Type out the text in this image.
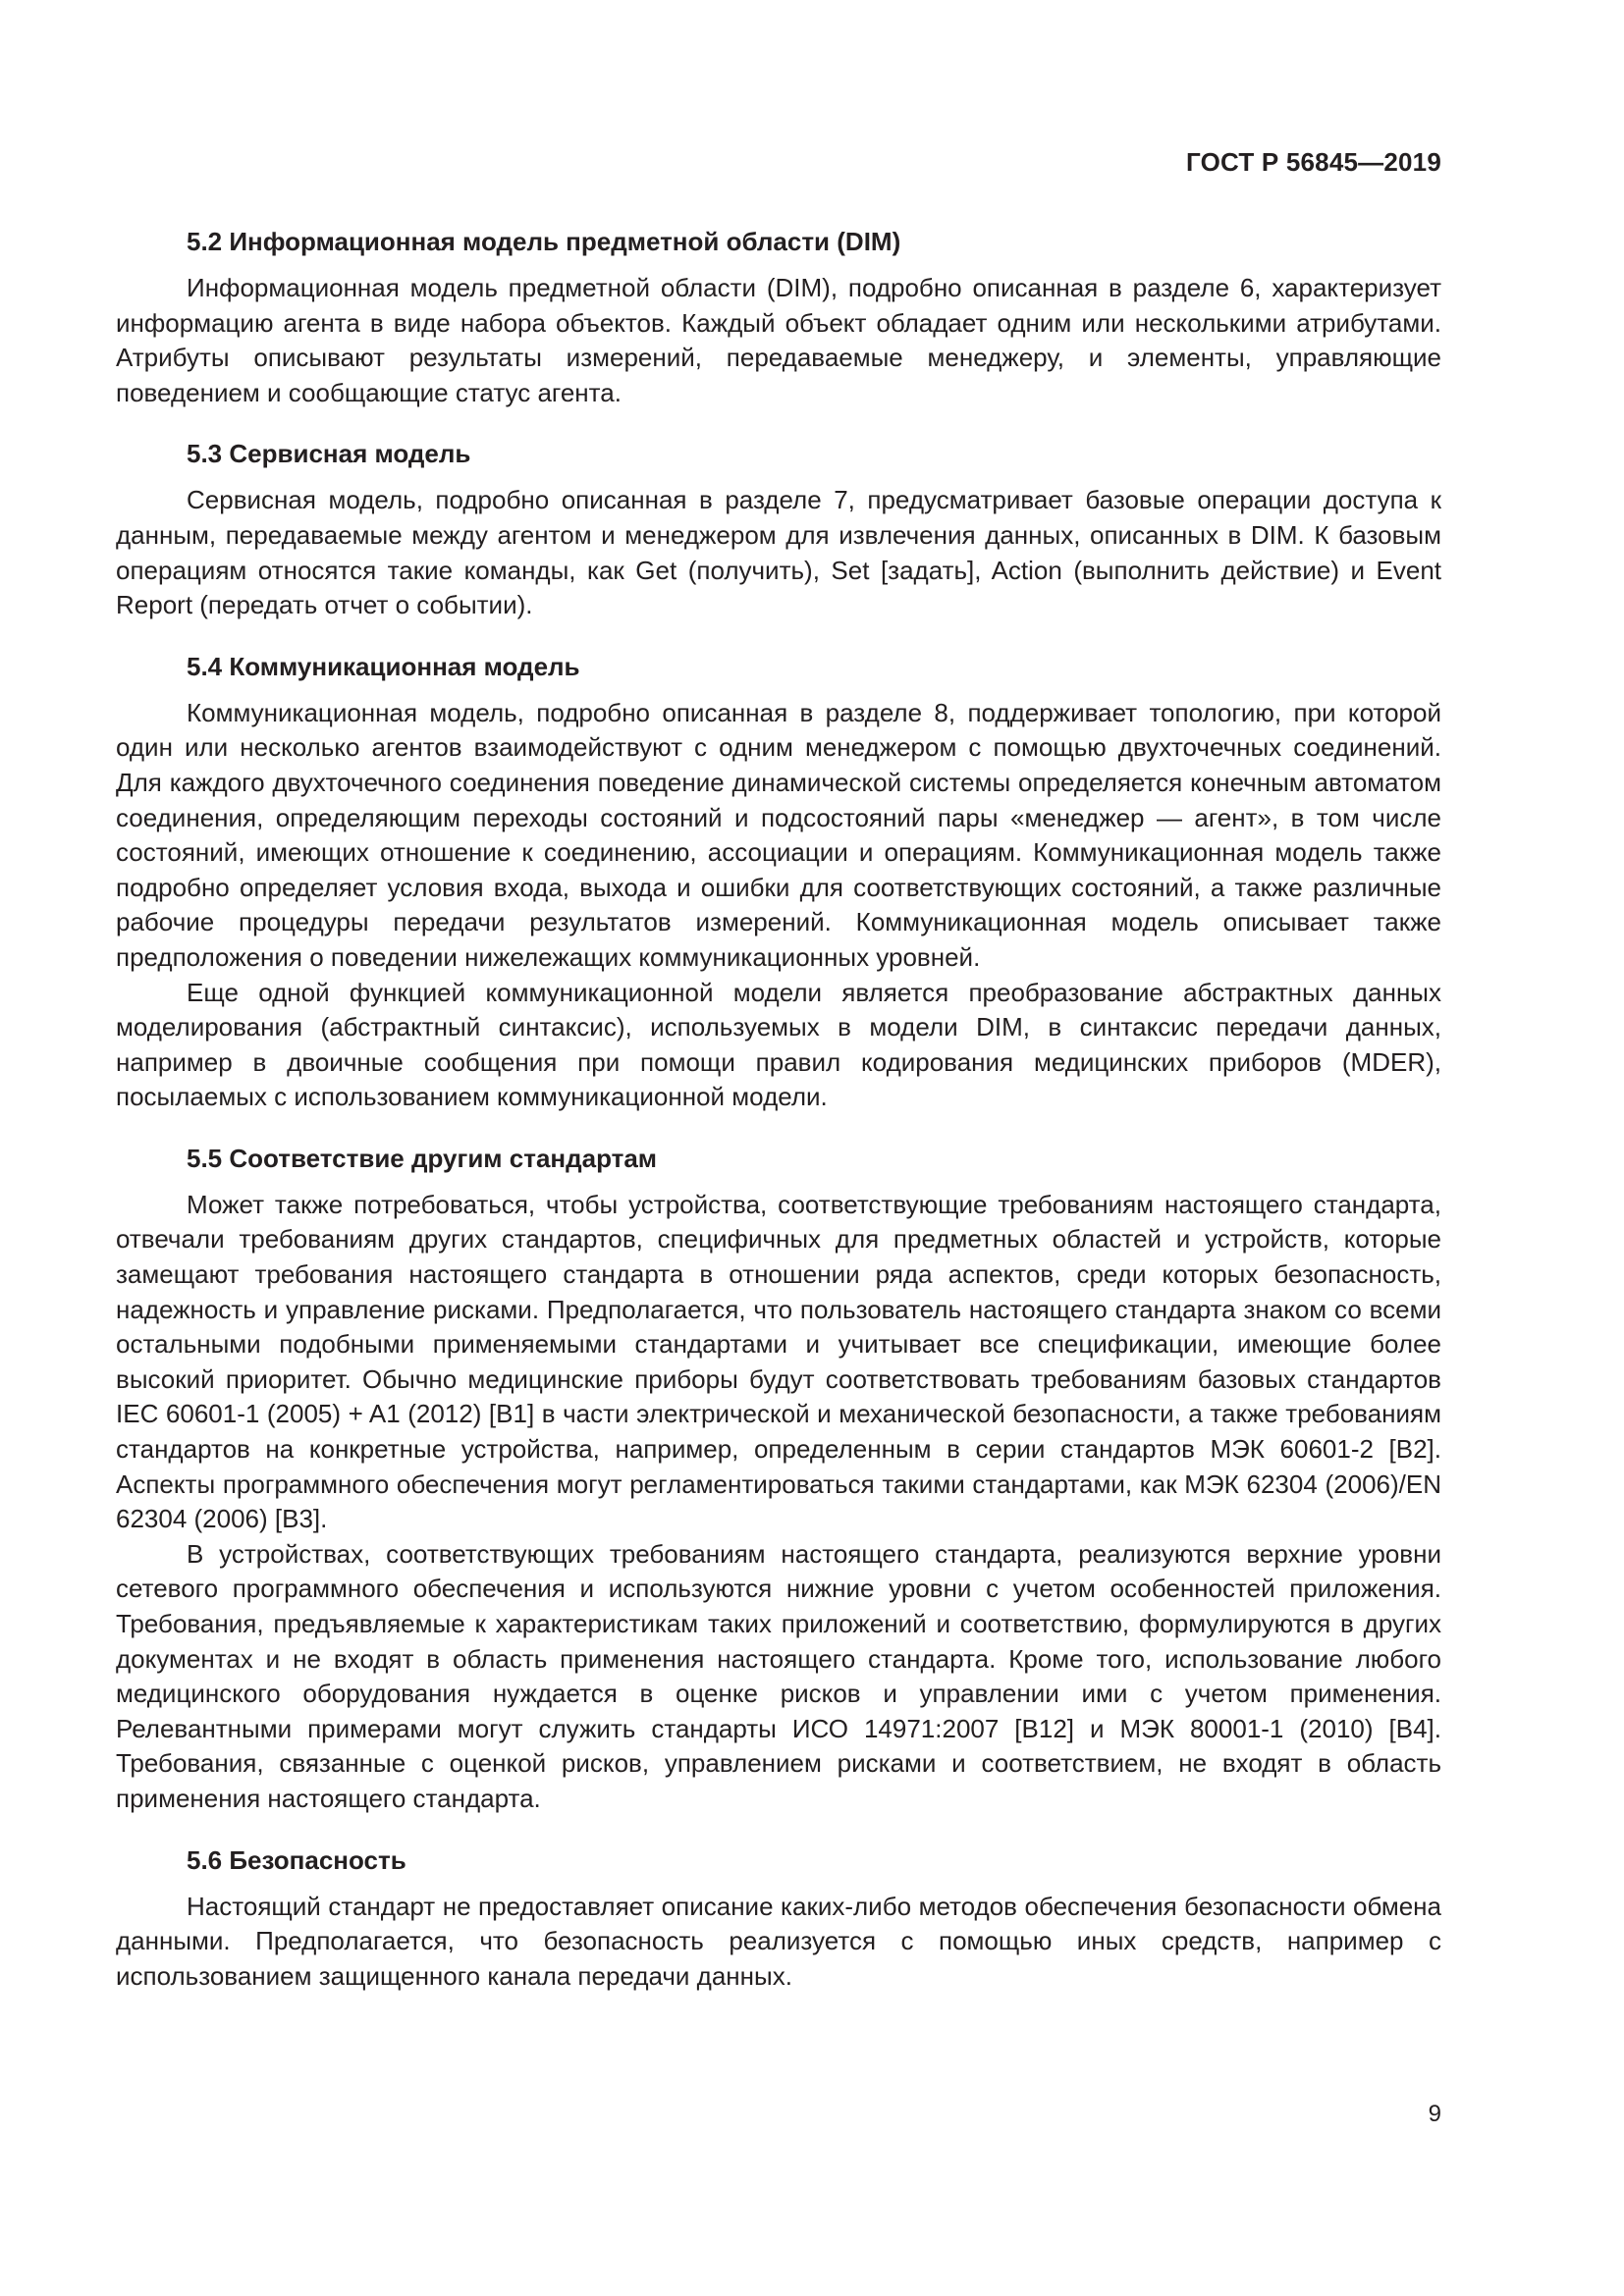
ГОСТ Р 56845—2019
5.2 Информационная модель предметной области (DIM)

Информационная модель предметной области (DIM), подробно описанная в разделе 6, характеризует информацию агента в виде набора объектов. Каждый объект обладает одним или несколькими атрибутами. Атрибуты описывают результаты измерений, передаваемые менеджеру, и элементы, управляющие поведением и сообщающие статус агента.

5.3 Сервисная модель

Сервисная модель, подробно описанная в разделе 7, предусматривает базовые операции доступа к данным, передаваемые между агентом и менеджером для извлечения данных, описанных в DIM. К базовым операциям относятся такие команды, как Get (получить), Set [задать], Action (выполнить действие) и Event Report (передать отчет о событии).

5.4 Коммуникационная модель

Коммуникационная модель, подробно описанная в разделе 8, поддерживает топологию, при которой один или несколько агентов взаимодействуют с одним менеджером с помощью двухточечных соединений. Для каждого двухточечного соединения поведение динамической системы определяется конечным автоматом соединения, определяющим переходы состояний и подсостояний пары «менеджер — агент», в том числе состояний, имеющих отношение к соединению, ассоциации и операциям. Коммуникационная модель также подробно определяет условия входа, выхода и ошибки для соответствующих состояний, а также различные рабочие процедуры передачи результатов измерений. Коммуникационная модель описывает также предположения о поведении нижележащих коммуникационных уровней.

Еще одной функцией коммуникационной модели является преобразование абстрактных данных моделирования (абстрактный синтаксис), используемых в модели DIM, в синтаксис передачи данных, например в двоичные сообщения при помощи правил кодирования медицинских приборов (MDER), посылаемых с использованием коммуникационной модели.

5.5 Соответствие другим стандартам

Может также потребоваться, чтобы устройства, соответствующие требованиям настоящего стандарта, отвечали требованиям других стандартов, специфичных для предметных областей и устройств, которые замещают требования настоящего стандарта в отношении ряда аспектов, среди которых безопасность, надежность и управление рисками. Предполагается, что пользователь настоящего стандарта знаком со всеми остальными подобными применяемыми стандартами и учитывает все спецификации, имеющие более высокий приоритет. Обычно медицинские приборы будут соответствовать требованиям базовых стандартов IEC 60601-1 (2005) + A1 (2012) [B1] в части электрической и механической безопасности, а также требованиям стандартов на конкретные устройства, например, определенным в серии стандартов МЭК 60601-2 [B2]. Аспекты программного обеспечения могут регламентироваться такими стандартами, как МЭК 62304 (2006)/EN 62304 (2006) [B3].

В устройствах, соответствующих требованиям настоящего стандарта, реализуются верхние уровни сетевого программного обеспечения и используются нижние уровни с учетом особенностей приложения. Требования, предъявляемые к характеристикам таких приложений и соответствию, формулируются в других документах и не входят в область применения настоящего стандарта. Кроме того, использование любого медицинского оборудования нуждается в оценке рисков и управлении ими с учетом применения. Релевантными примерами могут служить стандарты ИСО 14971:2007 [B12] и МЭК 80001-1 (2010) [B4]. Требования, связанные с оценкой рисков, управлением рисками и соответствием, не входят в область применения настоящего стандарта.

5.6 Безопасность

Настоящий стандарт не предоставляет описание каких-либо методов обеспечения безопасности обмена данными. Предполагается, что безопасность реализуется с помощью иных средств, например с использованием защищенного канала передачи данных.

9
